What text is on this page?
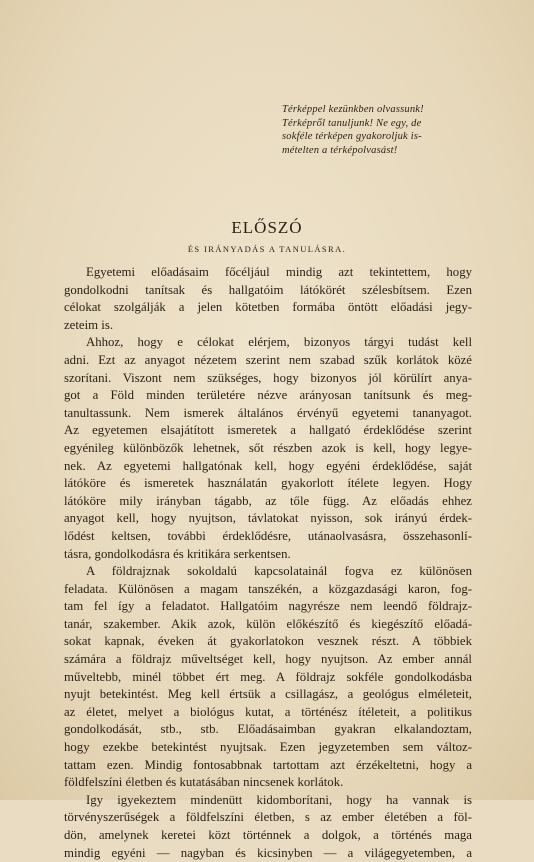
Térképpel kezünkben olvassunk!
Térképről tanuljunk! Ne egy, de
sokféle térképen gyakoroljuk is-
mételten a térképolvasást!
ELŐSZÓ
ÉS IRÁNYADÁS A TANULÁSRA.
Egyetemi előadásaim főcéljául mindig azt tekintettem, hogy
gondolkodni tanítsak és hallgatóim látókörét szélesbítsem. Ezen
célokat szolgálják a jelen kötetben formába öntött előadási jegy-
zeteim is.
Ahhoz, hogy e célokat elérjem, bizonyos tárgyi tudást kell
adni. Ezt az anyagot nézetem szerint nem szabad szűk korlátok közé
szorítani. Viszont nem szükséges, hogy bizonyos jól körülírt anya-
got a Föld minden területére nézve arányosan tanítsunk és meg-
tanultassunk. Nem ismerek általános érvényű egyetemi tananyagot.
Az egyetemen elsajátított ismeretek a hallgató érdeklődése szerint
egyénileg különbözők lehetnek, sőt részben azok is kell, hogy legye-
nek. Az egyetemi hallgatónak kell, hogy egyéni érdeklődése, saját
látóköre és ismeretek használatán gyakorlott ítélete legyen. Hogy
látóköre mily irányban tágabb, az tőle függ. Az előadás ehhez
anyagot kell, hogy nyujtson, távlatokat nyisson, sok irányú érdek-
lődést keltsen, további érdeklődésre, utánaolvasásra, összehasonlí-
tásra, gondolkodásra és kritikára serkentsen.
A földrajznak sokoldalú kapcsolatainál fogva ez különösen
feladata. Különösen a magam tanszékén, a közgazdasági karon, fog-
tam fel így a feladatot. Hallgatóim nagyrésze nem leendő földrajz-
tanár, szakember. Akik azok, külön előkészítő és kiegészítő előadá-
sokat kapnak, éveken át gyakorlatokon vesznek részt. A többiek
számára a földrajz műveltséget kell, hogy nyujtson. Az ember annál
műveltebb, minél többet ért meg. A földrajz sokféle gondolkodásba
nyujt betekintést. Meg kell értsük a csillagász, a geológus elméleteit,
az életet, melyet a biológus kutat, a történész ítéleteit, a politikus
gondolkodását, stb., stb. Előadásaimban gyakran elkalandoztam,
hogy ezekbe betekintést nyujtsak. Ezen jegyzetemben sem változ-
tattam ezen. Mindig fontosabbnak tartottam azt érzékeltetni, hogy a
földfelszíni életben és kutatásában nincsenek korlátok.
Igy igyekeztem mindenütt kidomborítani, hogy ha vannak is
törvényszerűségek a földfelszíni életben, s az ember életében a föl-
dön, amelynek keretei közt történnek a dolgok, a történés maga
mindig egyéni — nagyban és kicsinyben — a világegyetemben, a
